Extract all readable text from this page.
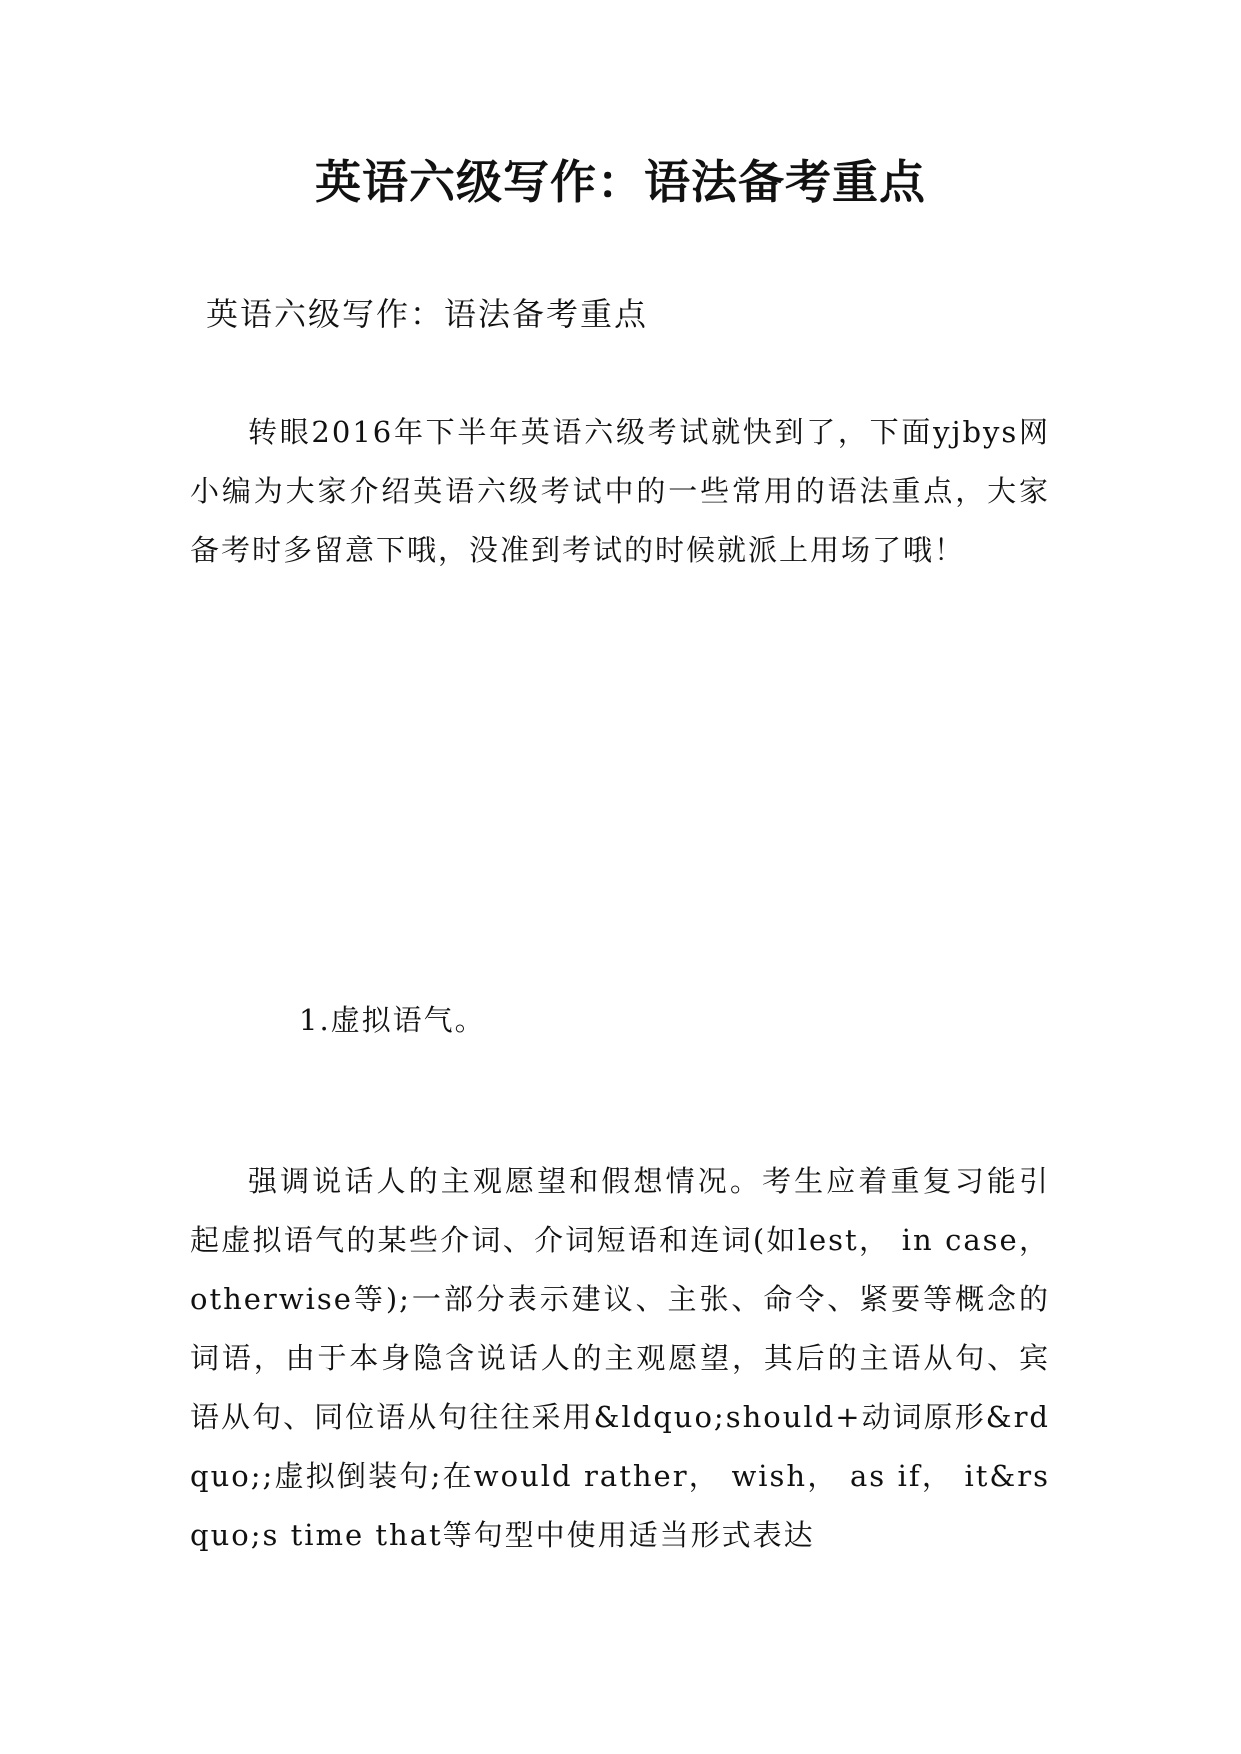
英语六级写作：语法备考重点
英语六级写作：语法备考重点
转眼2016年下半年英语六级考试就快到了，下面yjbys网小编为大家介绍英语六级考试中的一些常用的语法重点，大家备考时多留意下哦，没准到考试的时候就派上用场了哦！
1.虚拟语气。
强调说话人的主观愿望和假想情况。考生应着重复习能引起虚拟语气的某些介词、介词短语和连词(如lest， in case， otherwise等);一部分表示建议、主张、命令、紧要等概念的词语，由于本身隐含说话人的主观愿望，其后的主语从句、宾语从句、同位语从句往往采用&ldquo;should+动词原形&rdquo;;虚拟倒装句;在would rather， wish， as if， it&rsquo;s time that等句型中使用适当形式表达
